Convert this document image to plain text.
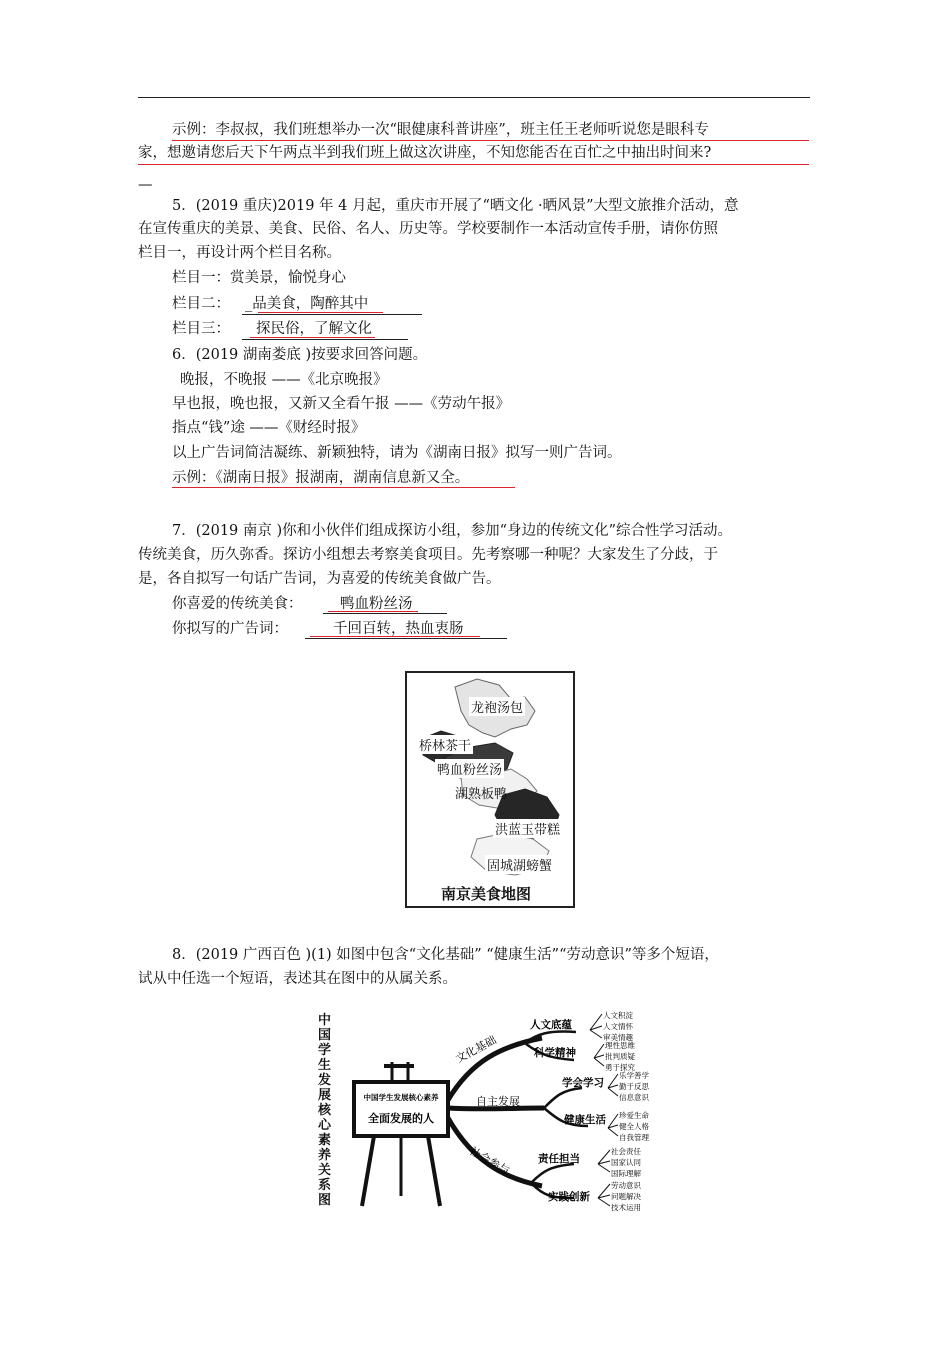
示例：李叔叔，我们班想举办一次“眼健康科普讲座”，班主任王老师听说您是眼科专
家，想邀请您后天下午两点半到我们班上做这次讲座，不知您能否在百忙之中抽出时间来?
—
5．(2019 重庆)2019 年 4 月起，重庆市开展了“晒文化 ·晒风景”大型文旅推介活动，意
在宣传重庆的美景、美食、民俗、名人、历史等。学校要制作一本活动宣传手册，请你仿照
栏目一，再设计两个栏目名称。
栏目一：赏美景，愉悦身心
栏目二： _品美食，陶醉其中
栏目三： 探民俗，了解文化
6．(2019 湖南娄底 )按要求回答问题。
晚报，不晚报 ——《北京晚报》
早也报，晚也报，又新又全看午报 ——《劳动午报》
指点“钱”途 ——《财经时报》
以上广告词简洁凝练、新颖独特，请为《湖南日报》拟写一则广告词。
示例：《湖南日报》报湖南，湖南信息新又全。
7．(2019 南京 )你和小伙伴们组成探访小组，参加“身边的传统文化”综合性学习活动。
传统美食，历久弥香。探访小组想去考察美食项目。先考察哪一种呢？大家发生了分歧，于
是，各自拟写一句话广告词，为喜爱的传统美食做广告。
你喜爱的传统美食：	鸭血粉丝汤
你拟写的广告词：	千回百转，热血衷肠
龙袍汤包
桥林茶干
鸭血粉丝汤
湖熟板鸭
洪蓝玉带糕
固城湖螃蟹
南京美食地图
8．(2019 广西百色 )(1) 如图中包含“文化基础” “健康生活”“劳动意识”等多个短语，
试从中任选一个短语，表述其在图中的从属关系。
中国学生发展核心素养关系图
中国学生发展核心素养
全面发展的人
文化基础
自主发展
社会参与
人文底蕴
科学精神
学会学习
健康生活
责任担当
实践创新
人文积淀
人文情怀
审美情趣
理性思维
批判质疑
勇于探究
乐学善学
勤于反思
信息意识
珍爱生命
健全人格
自我管理
社会责任
国家认同
国际理解
劳动意识
问题解决
技术运用
